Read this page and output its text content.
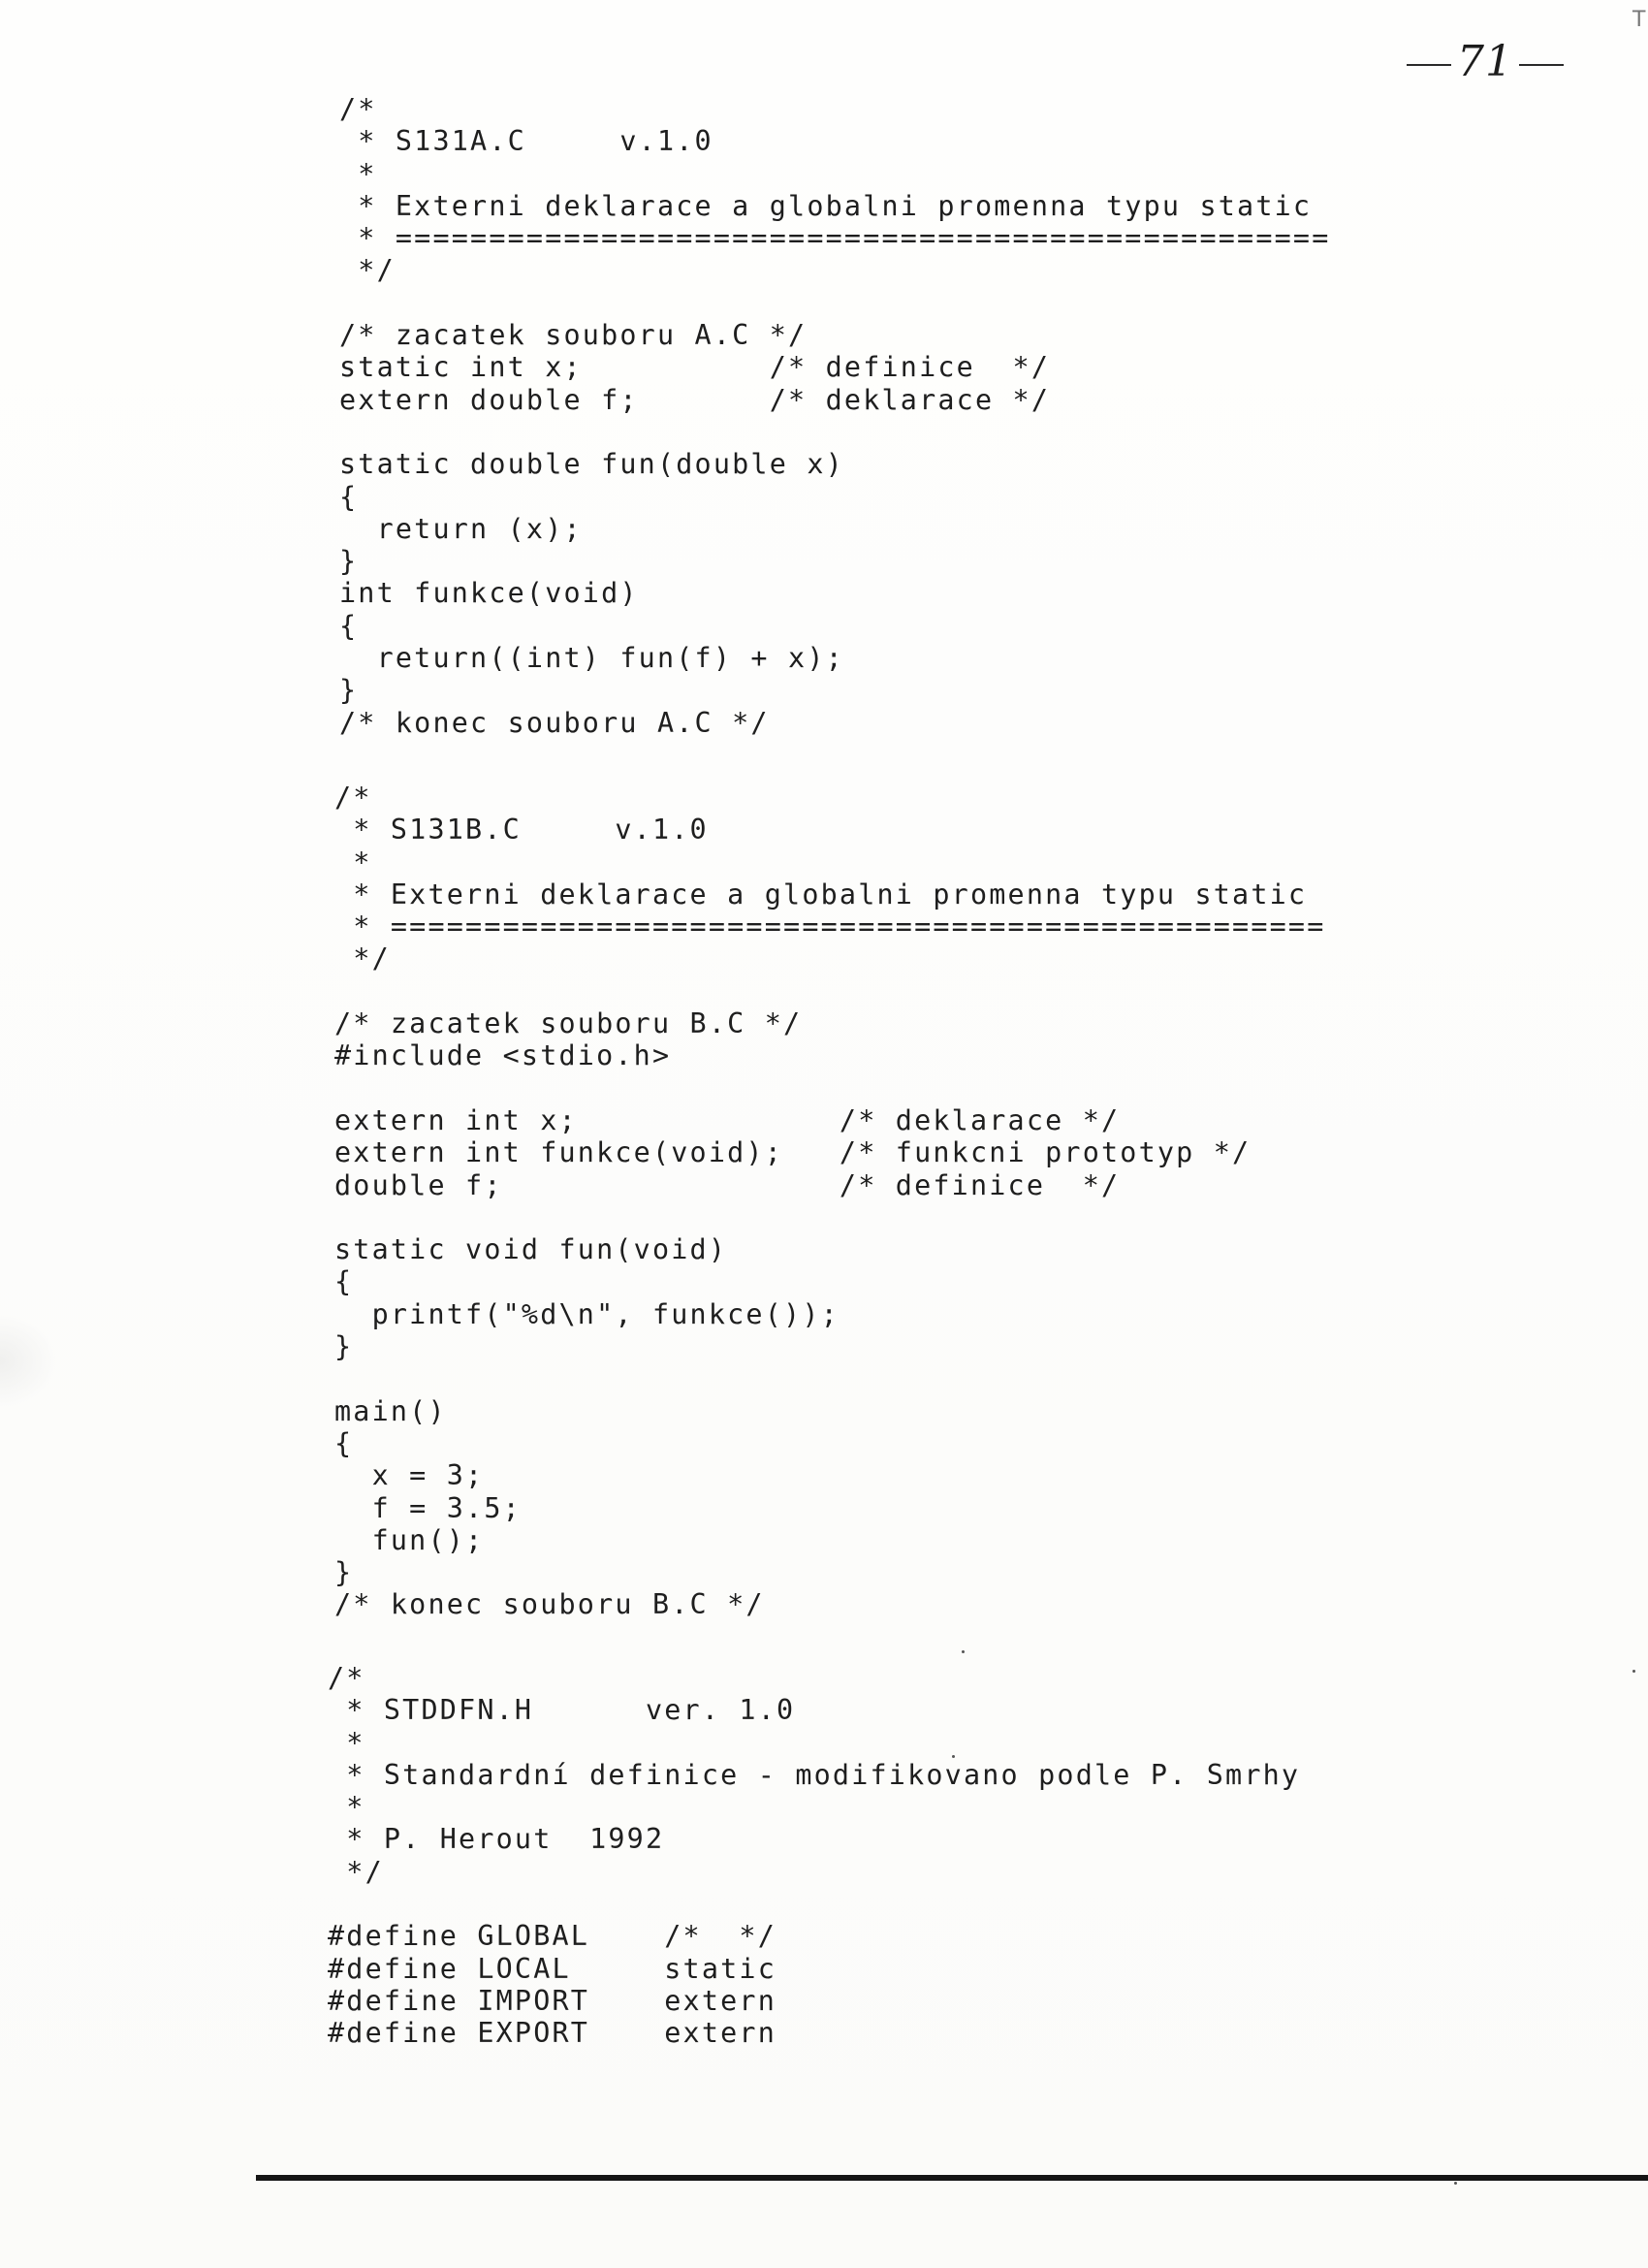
71
T
/*
* S131A.C     v.1.0
*
* Externi deklarace a globalni promenna typu static
* ==================================================
*/

/* zacatek souboru A.C */
static int x;          /* definice  */
extern double f;       /* deklarace */

static double fun(double x)
{
return (x);
}
int funkce(void)
{
return((int) fun(f) + x);
}
/* konec souboru A.C */
/*
* S131B.C     v.1.0
*
* Externi deklarace a globalni promenna typu static
* ==================================================
*/

/* zacatek souboru B.C */
#include <stdio.h>

extern int x;              /* deklarace */
extern int funkce(void);   /* funkcni prototyp */
double f;                  /* definice  */

static void fun(void)
{
printf("%d\n", funkce());
}

main()
{
x = 3;
f = 3.5;
fun();
}
/* konec souboru B.C */
/*
* STDDFN.H      ver. 1.0
*
* Standardní definice - modifikovano podle P. Smrhy
*
* P. Herout  1992
*/

#define GLOBAL    /*  */
#define LOCAL     static
#define IMPORT    extern
#define EXPORT    extern
